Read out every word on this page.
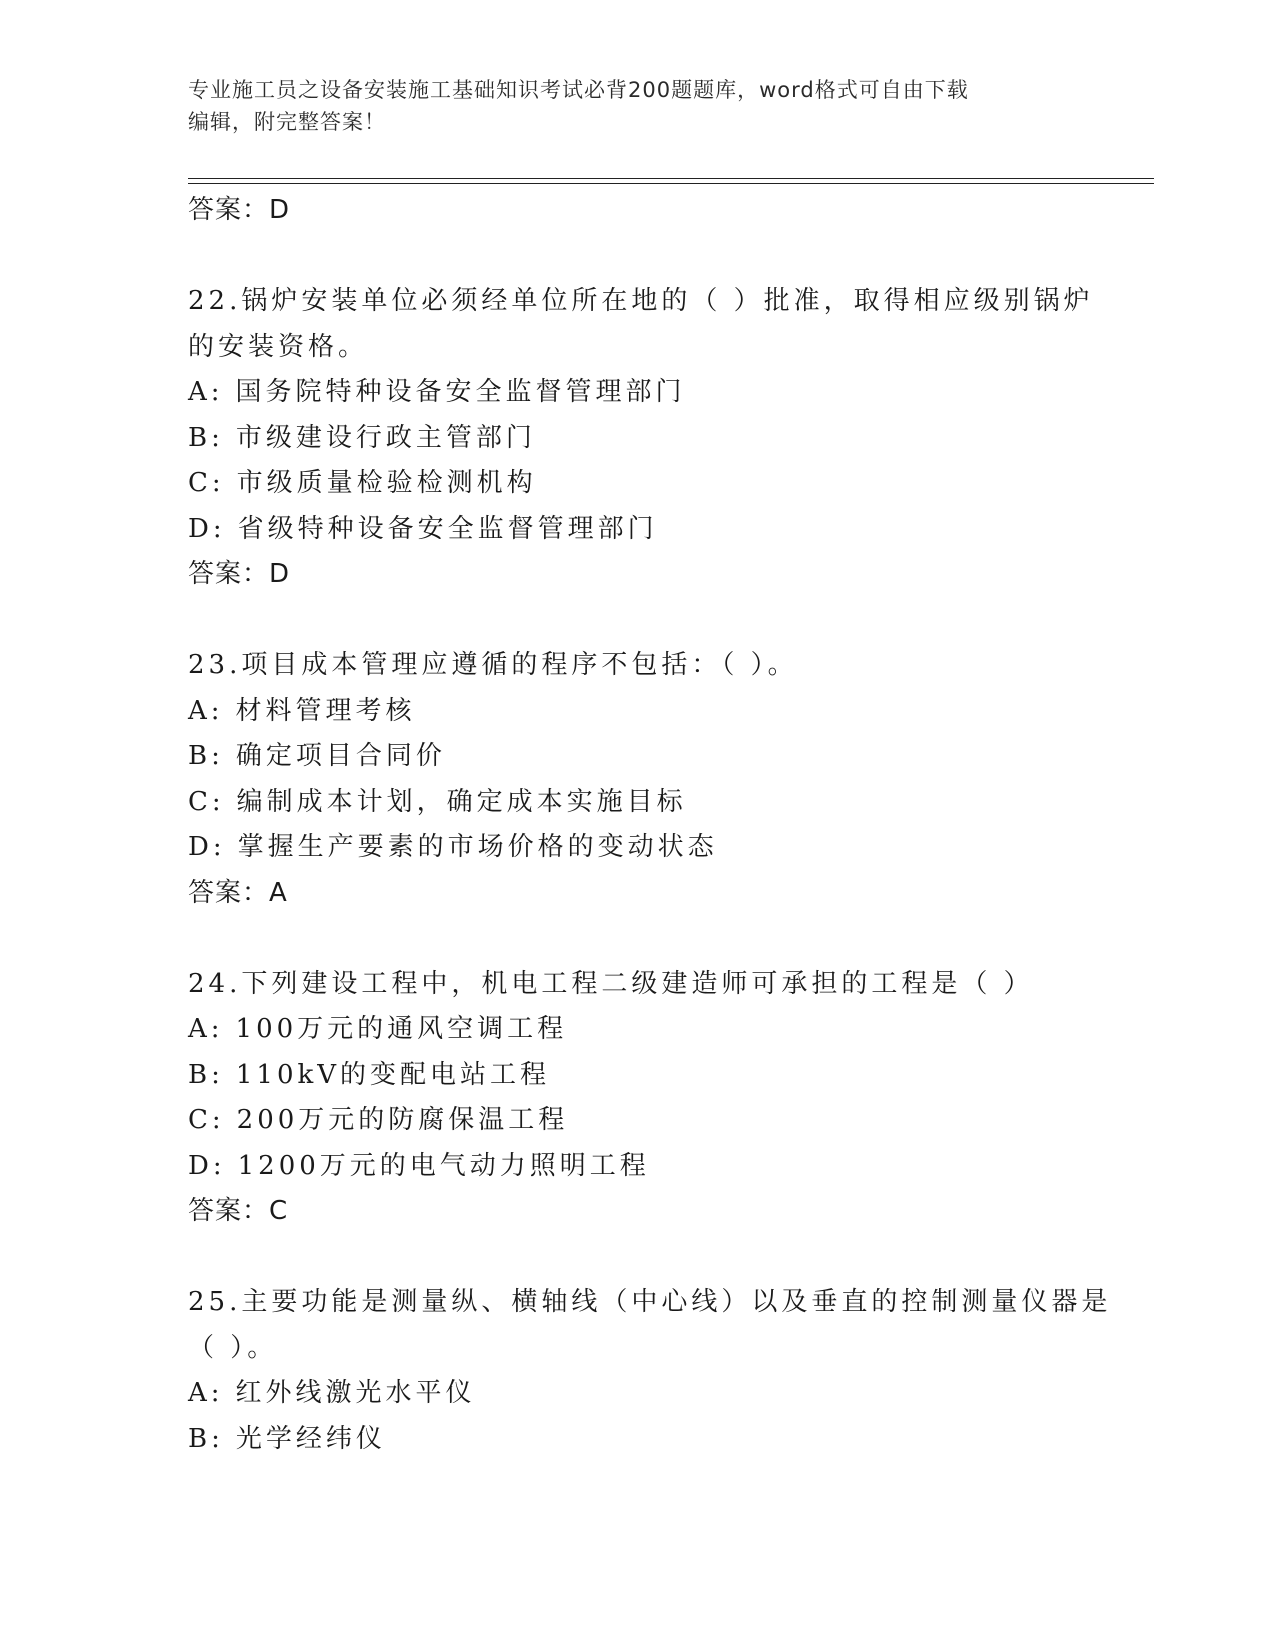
专业施工员之设备安装施工基础知识考试必背200题题库，word格式可自由下载
编辑，附完整答案！
答案：D
22.锅炉安装单位必须经单位所在地的（ ）批准，取得相应级别锅炉
的安装资格。
A: 国务院特种设备安全监督管理部门
B: 市级建设行政主管部门
C: 市级质量检验检测机构
D: 省级特种设备安全监督管理部门
答案：D
23.项目成本管理应遵循的程序不包括：（ ）。
A: 材料管理考核
B: 确定项目合同价
C: 编制成本计划，确定成本实施目标
D: 掌握生产要素的市场价格的变动状态
答案：A
24.下列建设工程中，机电工程二级建造师可承担的工程是（ ）
A: 100万元的通风空调工程
B: 110kV的变配电站工程
C: 200万元的防腐保温工程
D: 1200万元的电气动力照明工程
答案：C
25.主要功能是测量纵、横轴线（中心线）以及垂直的控制测量仪器是
（ ）。
A: 红外线激光水平仪
B: 光学经纬仪
